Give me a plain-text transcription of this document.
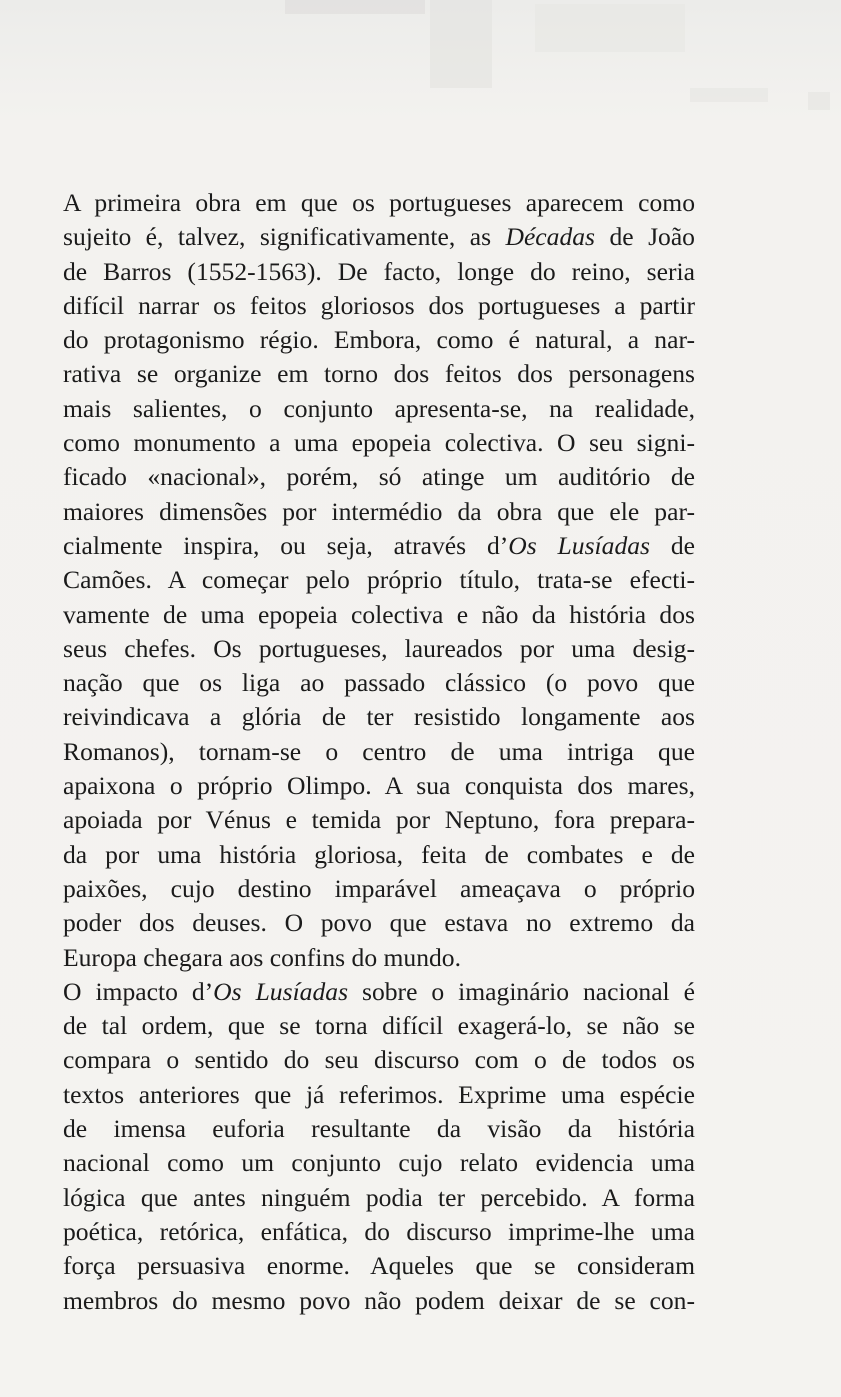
A primeira obra em que os portugueses aparecem como
sujeito é, talvez, significativamente, as Décadas de João
de Barros (1552-1563). De facto, longe do reino, seria
difícil narrar os feitos gloriosos dos portugueses a partir
do protagonismo régio. Embora, como é natural, a nar-
rativa se organize em torno dos feitos dos personagens
mais salientes, o conjunto apresenta-se, na realidade,
como monumento a uma epopeia colectiva. O seu signi-
ficado «nacional», porém, só atinge um auditório de
maiores dimensões por intermédio da obra que ele par-
cialmente inspira, ou seja, através d’Os Lusíadas de
Camões. A começar pelo próprio título, trata-se efecti-
vamente de uma epopeia colectiva e não da história dos
seus chefes. Os portugueses, laureados por uma desig-
nação que os liga ao passado clássico (o povo que
reivindicava a glória de ter resistido longamente aos
Romanos), tornam-se o centro de uma intriga que
apaixona o próprio Olimpo. A sua conquista dos mares,
apoiada por Vénus e temida por Neptuno, fora prepara-
da por uma história gloriosa, feita de combates e de
paixões, cujo destino imparável ameaçava o próprio
poder dos deuses. O povo que estava no extremo da
Europa chegara aos confins do mundo.
O impacto d’Os Lusíadas sobre o imaginário nacional é
de tal ordem, que se torna difícil exagerá-lo, se não se
compara o sentido do seu discurso com o de todos os
textos anteriores que já referimos. Exprime uma espécie
de imensa euforia resultante da visão da história
nacional como um conjunto cujo relato evidencia uma
lógica que antes ninguém podia ter percebido. A forma
poética, retórica, enfática, do discurso imprime-lhe uma
força persuasiva enorme. Aqueles que se consideram
membros do mesmo povo não podem deixar de se con-
